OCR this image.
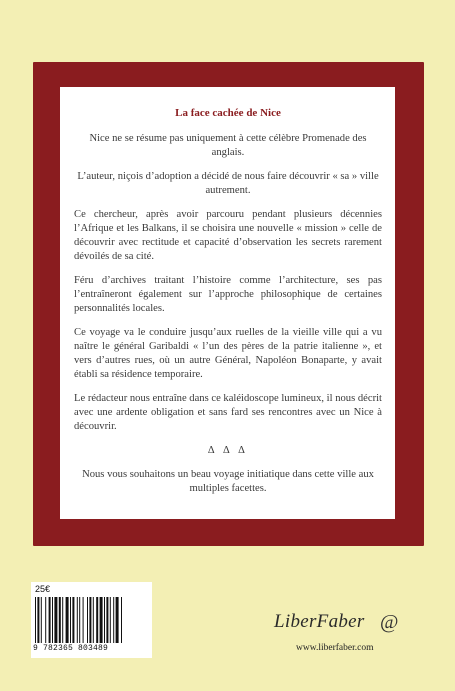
La face cachée de Nice

Nice ne se résume pas uniquement à cette célèbre Promenade des anglais.

L’auteur, niçois d’adoption a décidé de nous faire découvrir « sa » ville autrement.

Ce chercheur, après avoir parcouru pendant plusieurs décennies l’Afrique et les Balkans, il se choisira une nouvelle « mission » celle de découvrir avec rectitude et capacité d’observation les secrets rarement dévoilés de sa cité.

Féru d’archives traitant l’histoire comme l’architecture, ses pas l’entraîneront également sur l’approche philosophique de certaines personnalités locales.

Ce voyage va le conduire jusqu’aux ruelles de la vieille ville qui a vu naître le général Garibaldi « l’un des pères de la patrie italienne », et vers d’autres rues, où un autre Général, Napoléon Bonaparte, y avait établi sa résidence temporaire.

Le rédacteur nous entraîne dans ce kaléidoscope lumineux, il nous décrit avec une ardente obligation et sans fard ses rencontres avec un Nice à découvrir.

∆ ∆ ∆

Nous vous souhaitons un beau voyage initiatique dans cette ville aux multiples facettes.

25€
9 782365 803489
LiberFaber @
www.liberfaber.com
